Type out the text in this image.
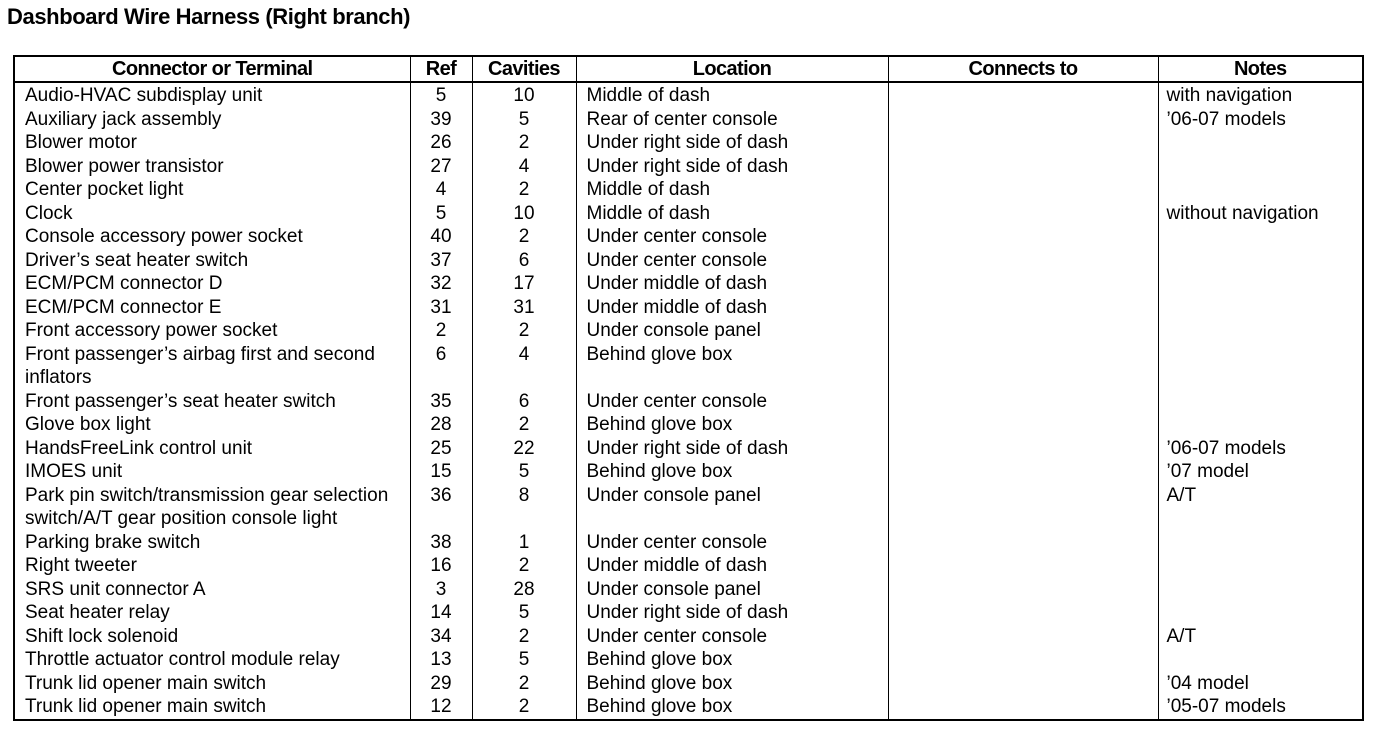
Dashboard Wire Harness (Right branch)
Connector or Terminal	Ref	Cavities	Location	Connects to	Notes
Audio-HVAC subdisplay unit	5	10	Middle of dash		with navigation
Auxiliary jack assembly	39	5	Rear of center console		’06-07 models
Blower motor	26	2	Under right side of dash		
Blower power transistor	27	4	Under right side of dash		
Center pocket light	4	2	Middle of dash		
Clock	5	10	Middle of dash		without navigation
Console accessory power socket	40	2	Under center console		
Driver’s seat heater switch	37	6	Under center console		
ECM/PCM connector D	32	17	Under middle of dash		
ECM/PCM connector E	31	31	Under middle of dash		
Front accessory power socket	2	2	Under console panel		
Front passenger’s airbag first and second inflators	6	4	Behind glove box		
Front passenger’s seat heater switch	35	6	Under center console		
Glove box light	28	2	Behind glove box		
HandsFreeLink control unit	25	22	Under right side of dash		’06-07 models
IMOES unit	15	5	Behind glove box		’07 model
Park pin switch/transmission gear selection switch/A/T gear position console light	36	8	Under console panel		A/T
Parking brake switch	38	1	Under center console		
Right tweeter	16	2	Under middle of dash		
SRS unit connector A	3	28	Under console panel		
Seat heater relay	14	5	Under right side of dash		
Shift lock solenoid	34	2	Under center console		A/T
Throttle actuator control module relay	13	5	Behind glove box		
Trunk lid opener main switch	29	2	Behind glove box		’04 model
Trunk lid opener main switch	12	2	Behind glove box		’05-07 models
